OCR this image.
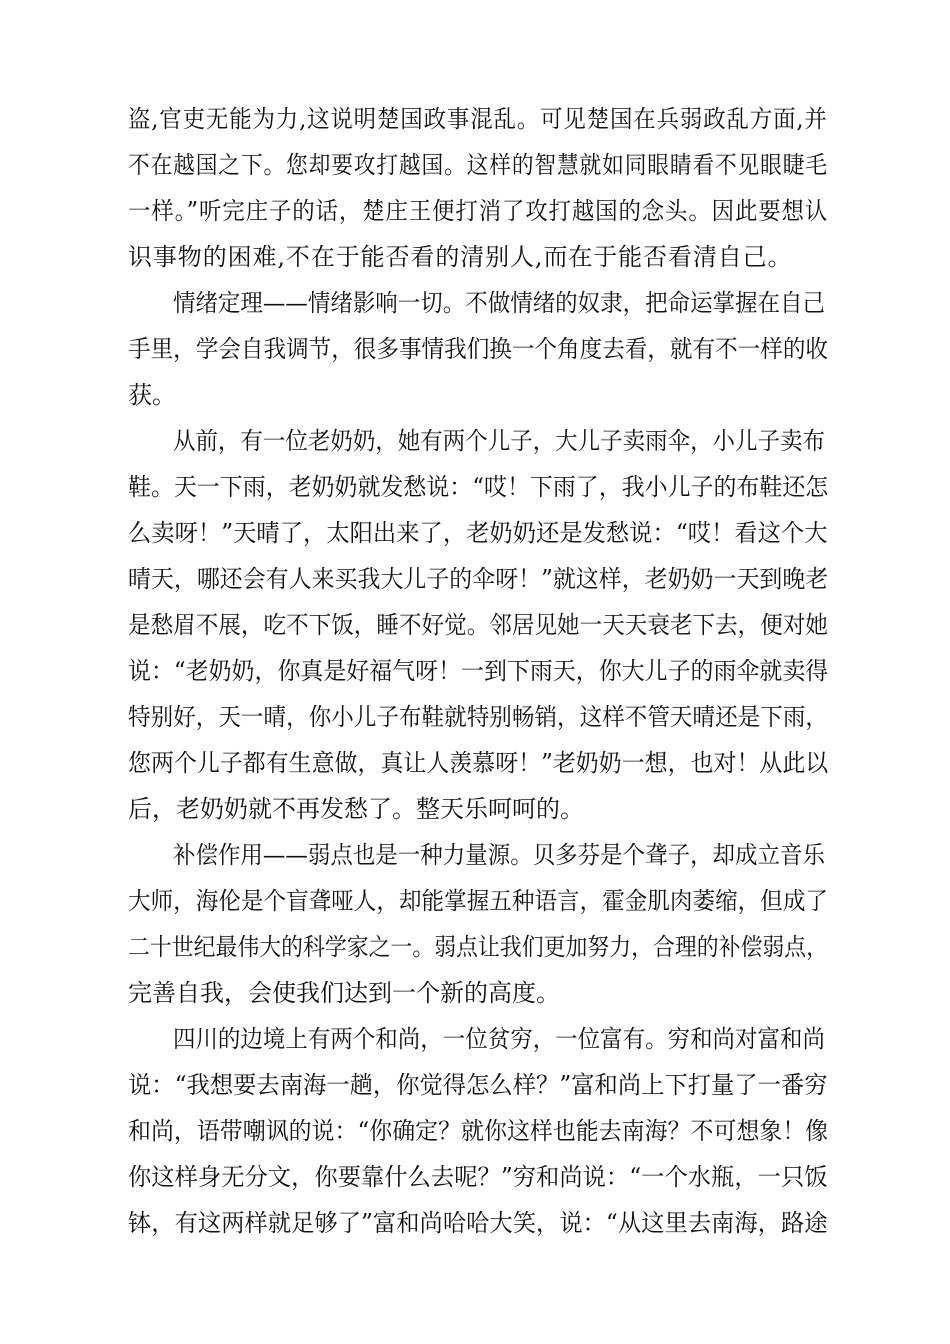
盗,官吏无能为力,这说明楚国政事混乱。可见楚国在兵弱政乱方面,并
不在越国之下。您却要攻打越国。这样的智慧就如同眼睛看不见眼睫毛
一样。”听完庄子的话，楚庄王便打消了攻打越国的念头。因此要想认
识事物的困难,不在于能否看的清别人,而在于能否看清自己。
情绪定理——情绪影响一切。不做情绪的奴隶，把命运掌握在自己
手里，学会自我调节，很多事情我们换一个角度去看，就有不一样的收
获。
从前，有一位老奶奶，她有两个儿子，大儿子卖雨伞，小儿子卖布
鞋。天一下雨，老奶奶就发愁说：“哎！下雨了，我小儿子的布鞋还怎
么卖呀！”天晴了，太阳出来了，老奶奶还是发愁说：“哎！看这个大
晴天，哪还会有人来买我大儿子的伞呀！”就这样，老奶奶一天到晚老
是愁眉不展，吃不下饭，睡不好觉。邻居见她一天天衰老下去，便对她
说：“老奶奶，你真是好福气呀！一到下雨天，你大儿子的雨伞就卖得
特别好，天一晴，你小儿子布鞋就特别畅销，这样不管天晴还是下雨，
您两个儿子都有生意做，真让人羡慕呀！”老奶奶一想，也对！从此以
后，老奶奶就不再发愁了。整天乐呵呵的。
补偿作用——弱点也是一种力量源。贝多芬是个聋子，却成立音乐
大师，海伦是个盲聋哑人，却能掌握五种语言，霍金肌肉萎缩，但成了
二十世纪最伟大的科学家之一。弱点让我们更加努力，合理的补偿弱点，
完善自我，会使我们达到一个新的高度。
四川的边境上有两个和尚，一位贫穷，一位富有。穷和尚对富和尚
说：“我想要去南海一趟，你觉得怎么样？”富和尚上下打量了一番穷
和尚，语带嘲讽的说：“你确定？就你这样也能去南海？不可想象！像
你这样身无分文，你要靠什么去呢？”穷和尚说：“一个水瓶，一只饭
钵，有这两样就足够了”富和尚哈哈大笑，说：“从这里去南海，路途
